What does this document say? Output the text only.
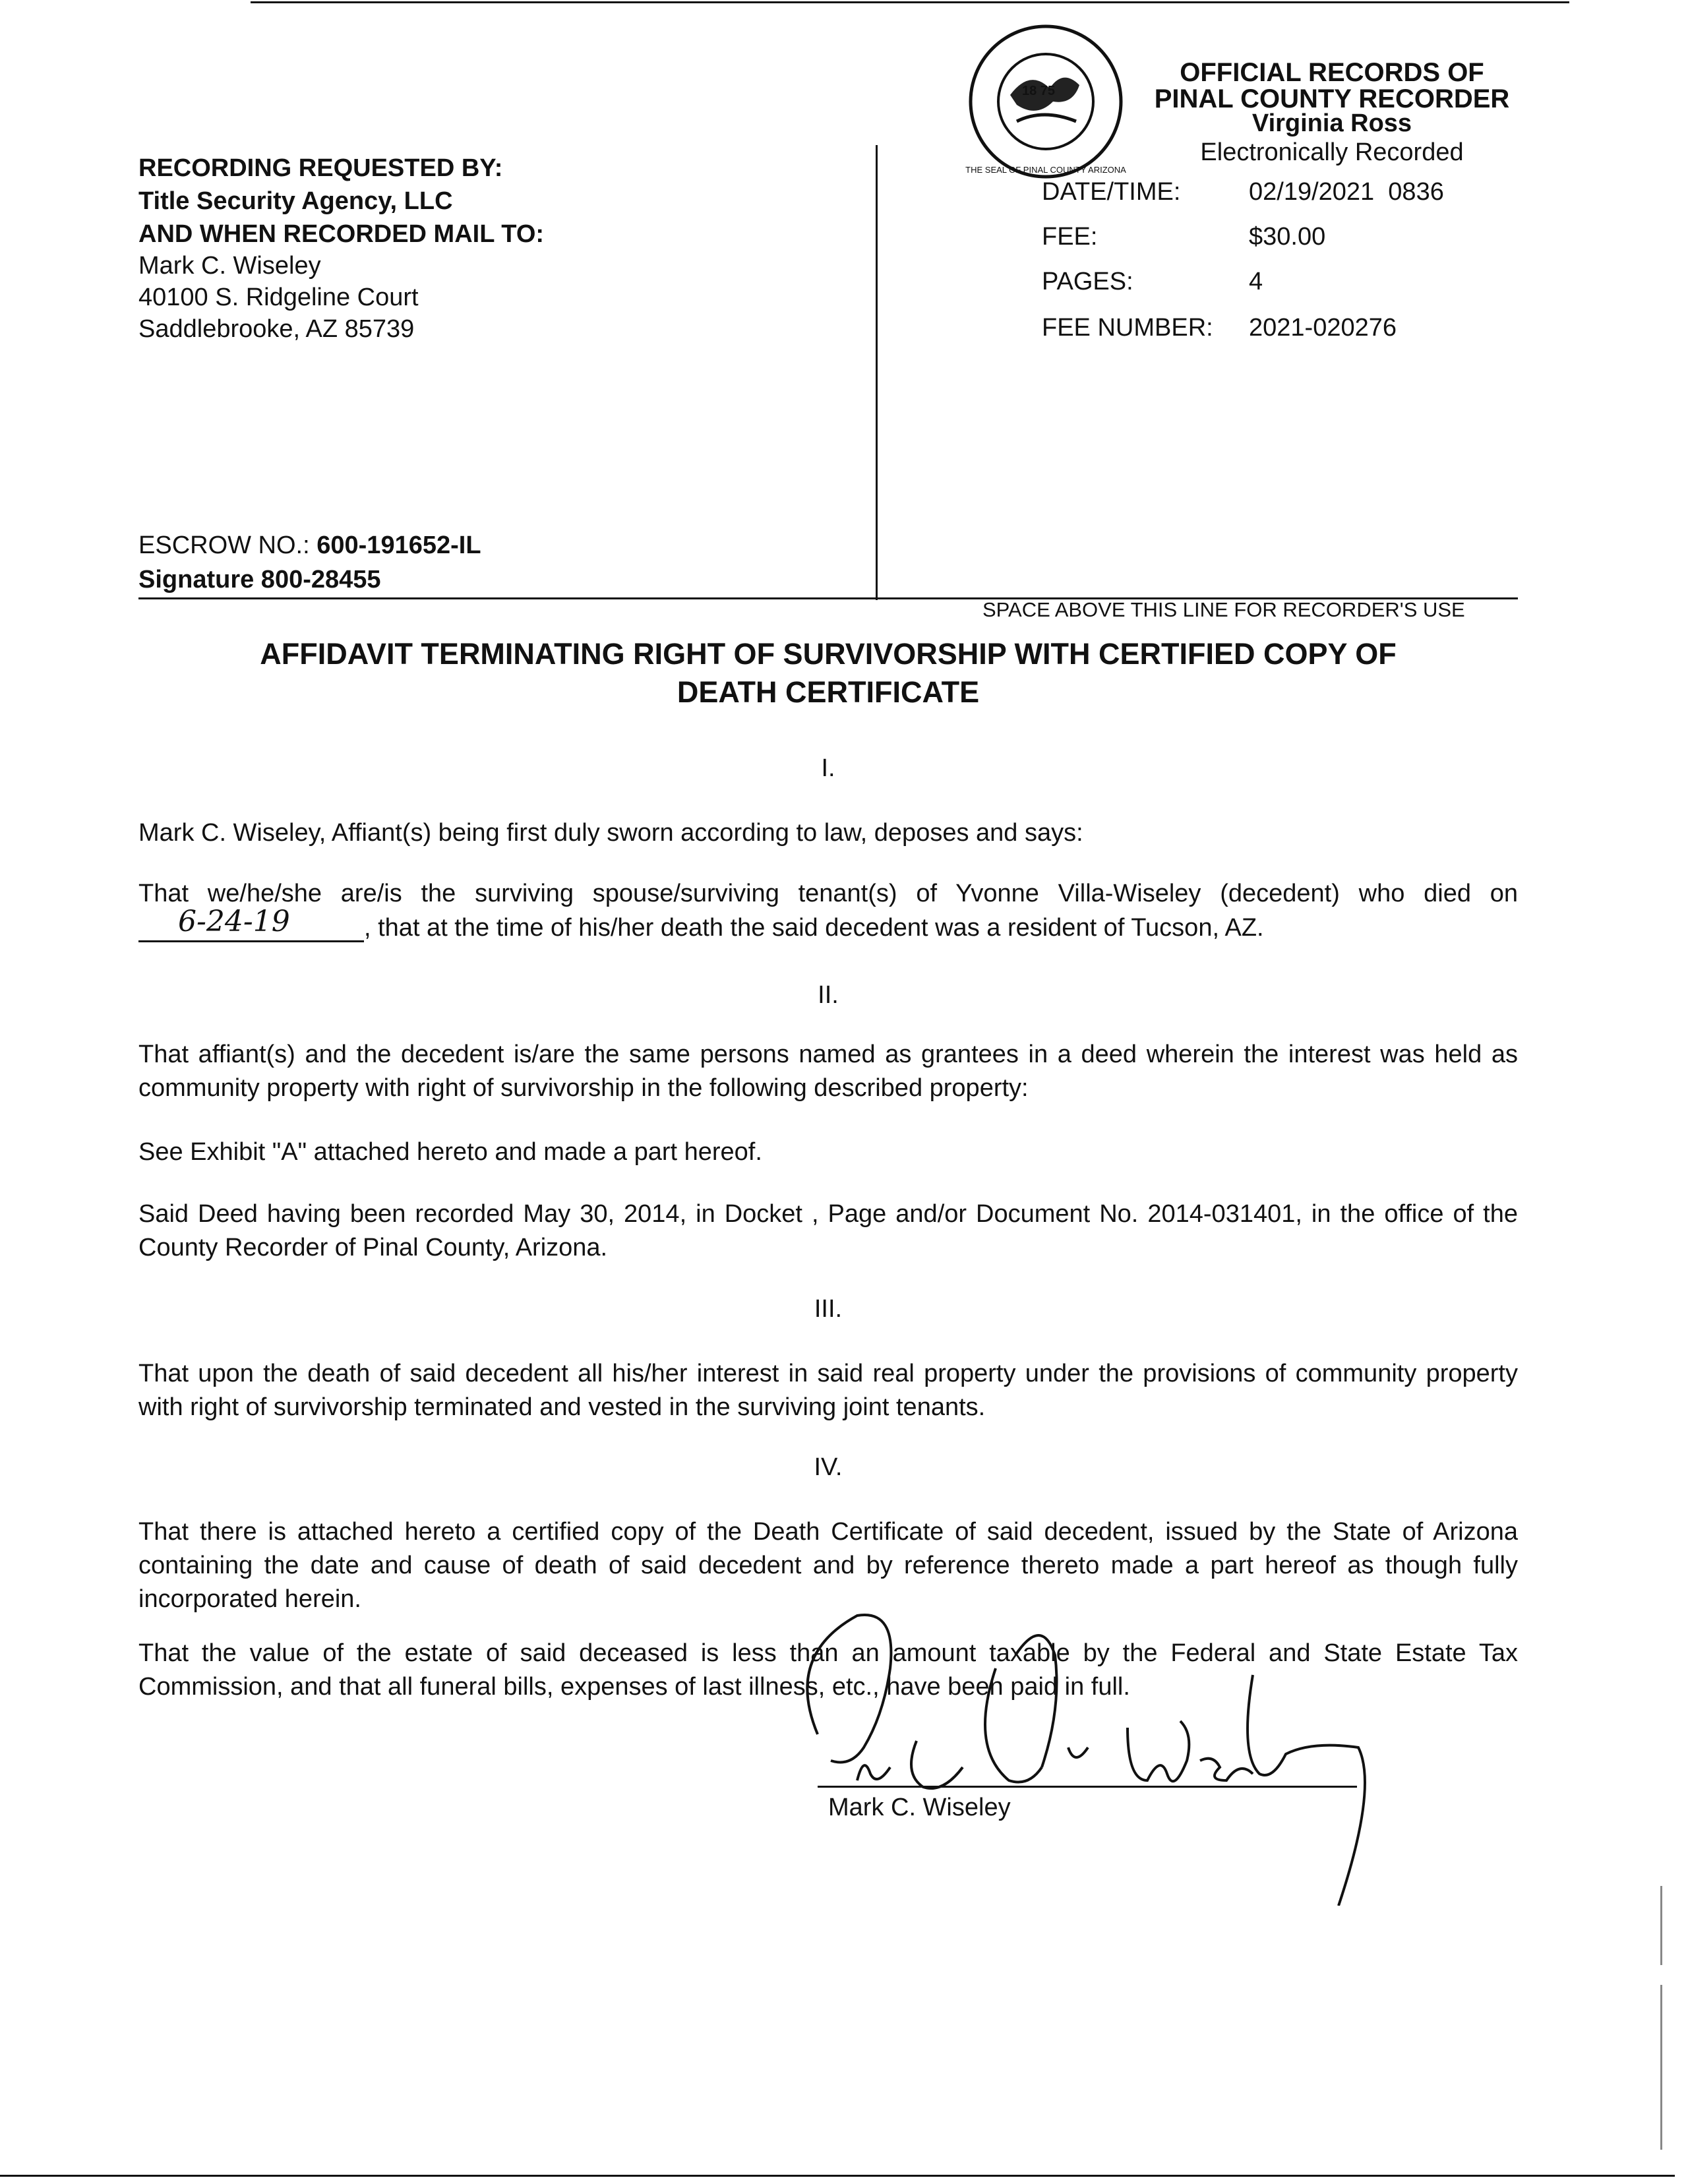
18 75
THE SEAL OF PINAL COUNTY ARIZONA
OFFICIAL RECORDS OF
PINAL COUNTY RECORDER
Virginia Ross
Electronically Recorded
DATE/TIME:	02/19/2021  0836
FEE:	$30.00
PAGES:	4
FEE NUMBER: 2021-020276
RECORDING REQUESTED BY:
Title Security Agency, LLC
AND WHEN RECORDED MAIL TO:
Mark C. Wiseley
40100 S. Ridgeline Court
Saddlebrooke, AZ 85739
ESCROW NO.: 600-191652-IL
Signature 800-28455
SPACE ABOVE THIS LINE FOR RECORDER'S USE
AFFIDAVIT TERMINATING RIGHT OF SURVIVORSHIP WITH CERTIFIED COPY OF
DEATH CERTIFICATE
I.
Mark C. Wiseley, Affiant(s) being first duly sworn according to law, deposes and says:
That we/he/she are/is the surviving spouse/surviving tenant(s) of Yvonne Villa-Wiseley (decedent) who died on
6-24-19	, that at the time of his/her death the said decedent was a resident of Tucson, AZ.
II.
That affiant(s) and the decedent is/are the same persons named as grantees in a deed wherein the interest was held as community property with right of survivorship in the following described property:
See Exhibit "A" attached hereto and made a part hereof.
Said Deed having been recorded May 30, 2014, in Docket , Page and/or Document No. 2014-031401, in the office of the County Recorder of Pinal County, Arizona.
III.
That upon the death of said decedent all his/her interest in said real property under the provisions of community property with right of survivorship terminated and vested in the surviving joint tenants.
IV.
That there is attached hereto a certified copy of the Death Certificate of said decedent, issued by the State of Arizona containing the date and cause of death of said decedent and by reference thereto made a part hereof as though fully incorporated herein.
That the value of the estate of said deceased is less than an amount taxable by the Federal and State Estate Tax Commission, and that all funeral bills, expenses of last illness, etc., have been paid in full.
Mark C. Wiseley
